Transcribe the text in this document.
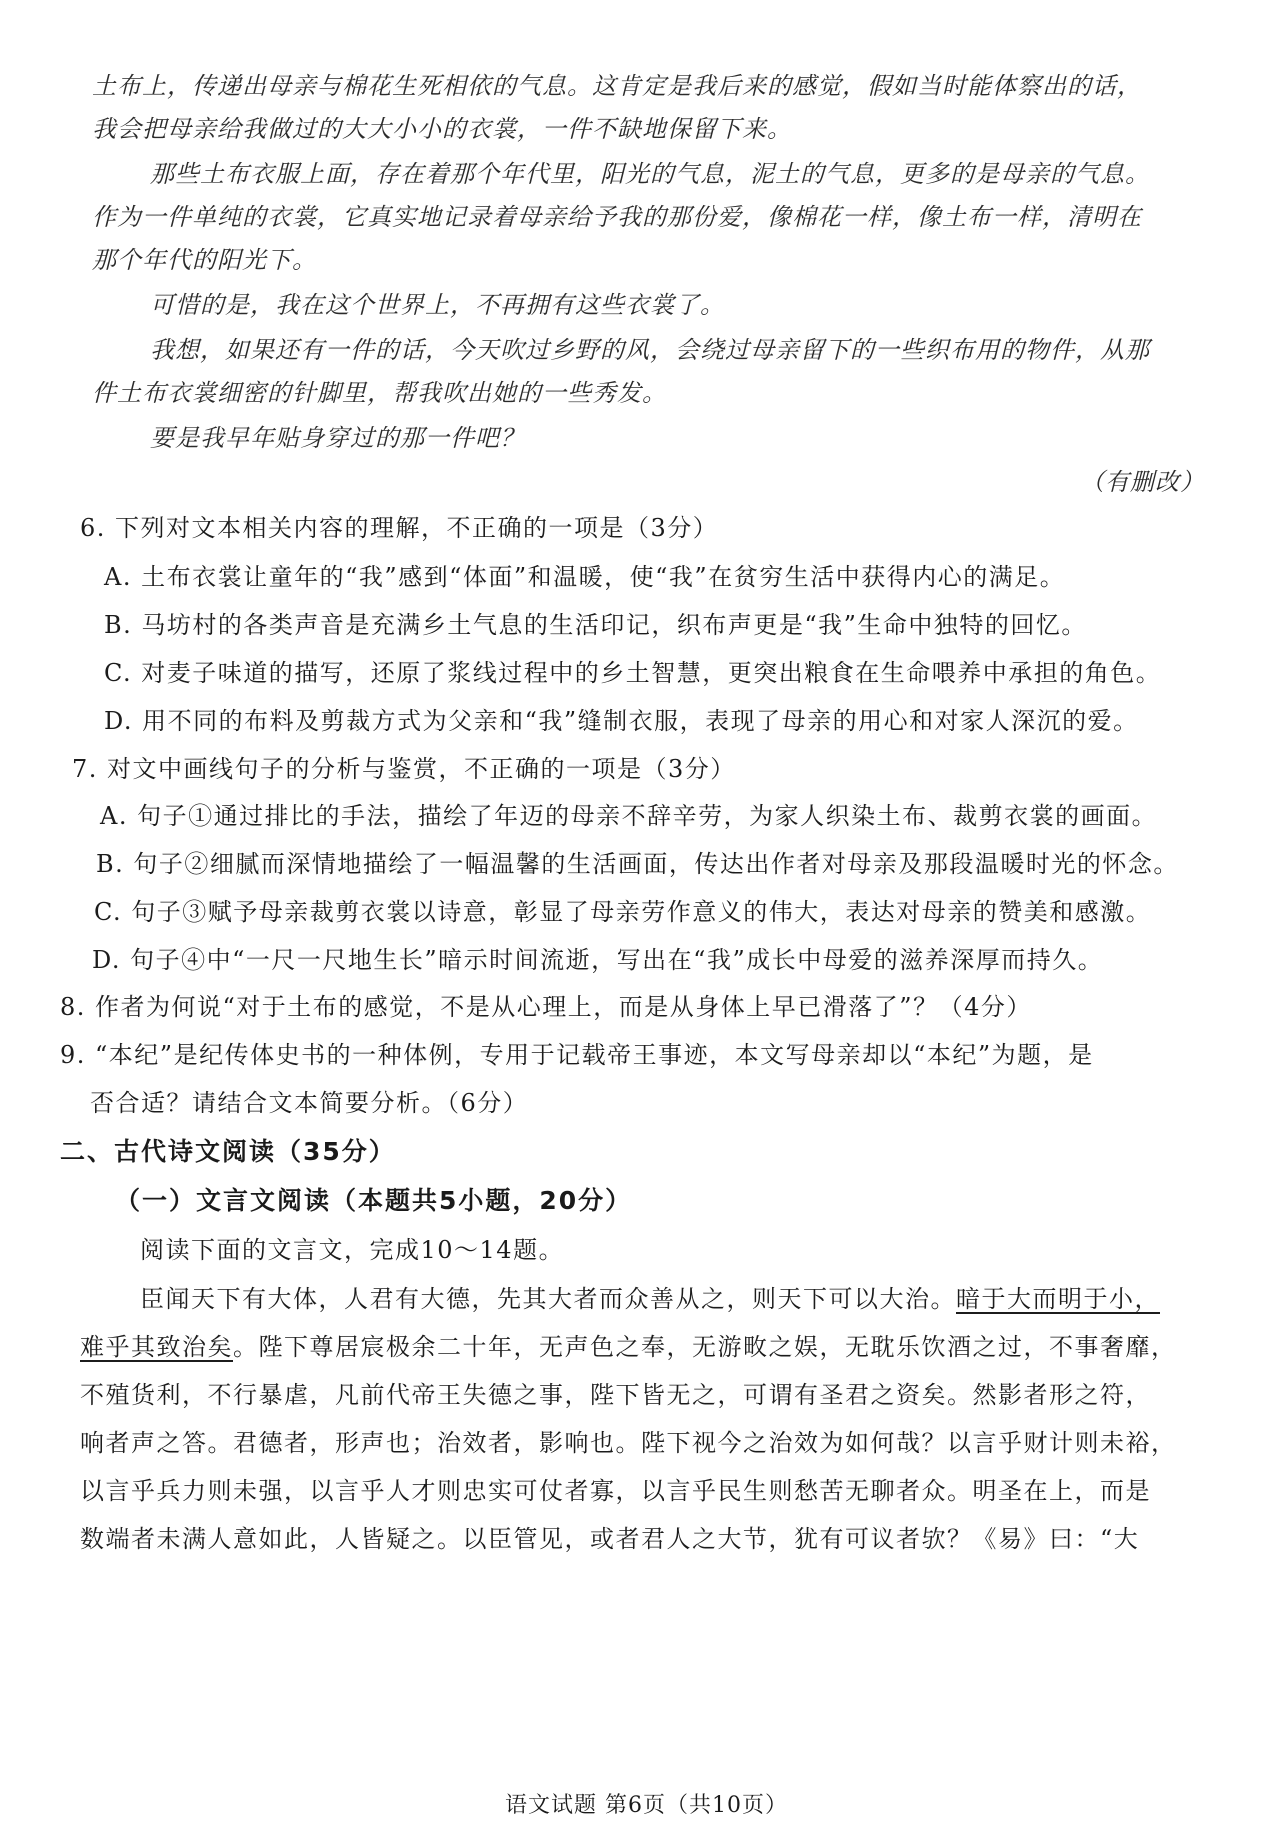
土布上，传递出母亲与棉花生死相依的气息。这肯定是我后来的感觉，假如当时能体察出的话，
我会把母亲给我做过的大大小小的衣裳，一件不缺地保留下来。
那些土布衣服上面，存在着那个年代里，阳光的气息，泥土的气息，更多的是母亲的气息。
作为一件单纯的衣裳，它真实地记录着母亲给予我的那份爱，像棉花一样，像土布一样，清明在
那个年代的阳光下。
可惜的是，我在这个世界上，不再拥有这些衣裳了。
我想，如果还有一件的话，今天吹过乡野的风，会绕过母亲留下的一些织布用的物件，从那
件土布衣裳细密的针脚里，帮我吹出她的一些秀发。
要是我早年贴身穿过的那一件吧？
（有删改）
6. 下列对文本相关内容的理解，不正确的一项是（3分）
A. 土布衣裳让童年的“我”感到“体面”和温暖，使“我”在贫穷生活中获得内心的满足。
B. 马坊村的各类声音是充满乡土气息的生活印记，织布声更是“我”生命中独特的回忆。
C. 对麦子味道的描写，还原了浆线过程中的乡土智慧，更突出粮食在生命喂养中承担的角色。
D. 用不同的布料及剪裁方式为父亲和“我”缝制衣服，表现了母亲的用心和对家人深沉的爱。
7. 对文中画线句子的分析与鉴赏，不正确的一项是（3分）
A. 句子①通过排比的手法，描绘了年迈的母亲不辞辛劳，为家人织染土布、裁剪衣裳的画面。
B. 句子②细腻而深情地描绘了一幅温馨的生活画面，传达出作者对母亲及那段温暖时光的怀念。
C. 句子③赋予母亲裁剪衣裳以诗意，彰显了母亲劳作意义的伟大，表达对母亲的赞美和感激。
D. 句子④中“一尺一尺地生长”暗示时间流逝，写出在“我”成长中母爱的滋养深厚而持久。
8. 作者为何说“对于土布的感觉，不是从心理上，而是从身体上早已滑落了”？（4分）
9. “本纪”是纪传体史书的一种体例，专用于记载帝王事迹，本文写母亲却以“本纪”为题，是
否合适？请结合文本简要分析。（6分）
二、古代诗文阅读（35分）
（一）文言文阅读（本题共5小题，20分）
阅读下面的文言文，完成10～14题。
臣闻天下有大体，人君有大德，先其大者而众善从之，则天下可以大治。暗于大而明于小，
难乎其致治矣。陛下尊居宸极余二十年，无声色之奉，无游畋之娱，无耽乐饮酒之过，不事奢靡，
不殖货利，不行暴虐，凡前代帝王失德之事，陛下皆无之，可谓有圣君之资矣。然影者形之符，
响者声之答。君德者，形声也；治效者，影响也。陛下视今之治效为如何哉？以言乎财计则未裕，
以言乎兵力则未强，以言乎人才则忠实可仗者寡，以言乎民生则愁苦无聊者众。明圣在上，而是
数端者未满人意如此，人皆疑之。以臣管见，或者君人之大节，犹有可议者欤？《易》曰：“大
语文试题 第6页（共10页）
